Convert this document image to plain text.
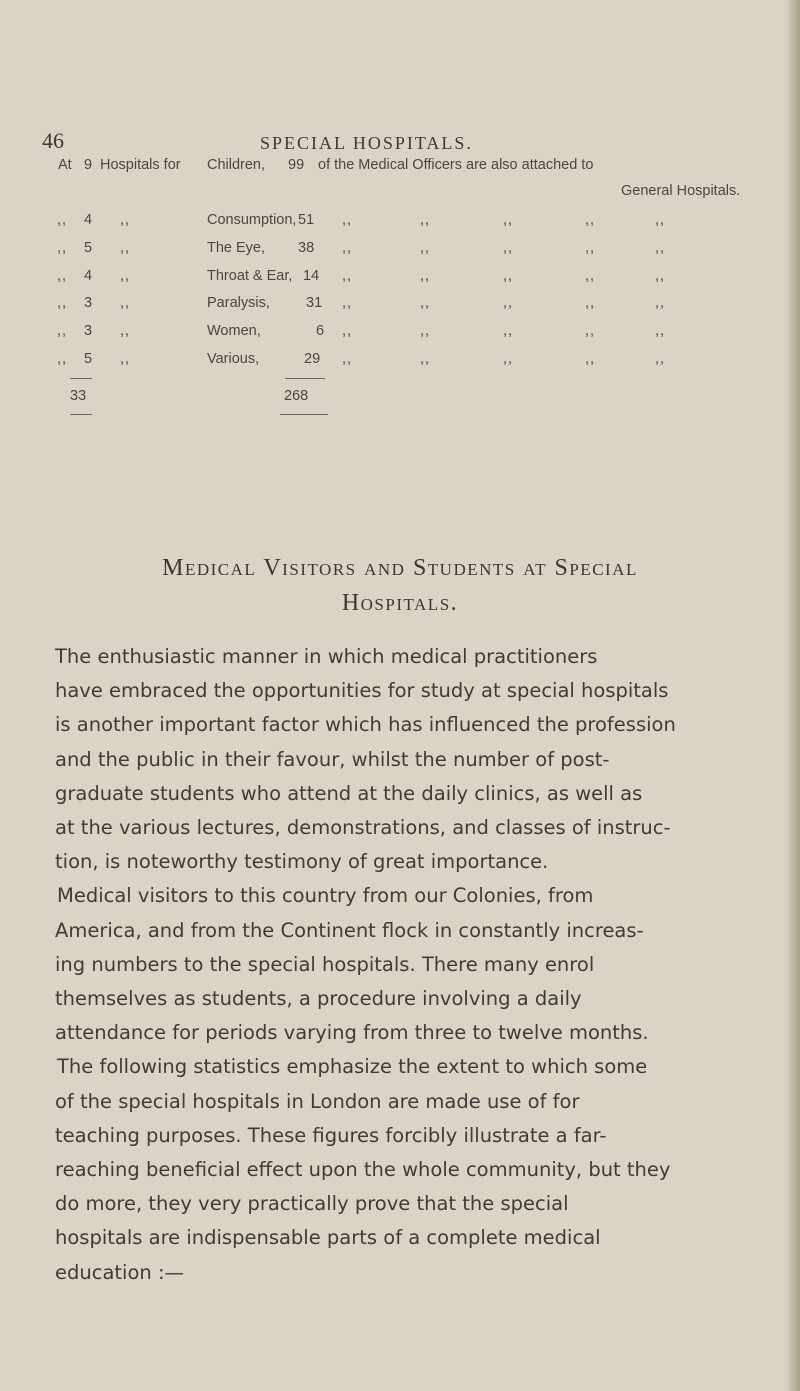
46	SPECIAL HOSPITALS.
At 9 Hospitals for Children, 99 of the Medical Officers are also attached to
General Hospitals.
,, 4 ,,	Consumption, 51 ,,	,,	,,	,,	,,
,, 5 ,,	The Eye, 38 ,,	,,	,,	,,	,,
,, 4 ,,	Throat & Ear, 14 ,,	,,	,,	,,	,,
,, 3 ,,	Paralysis, 31 ,,	,,	,,	,,	,,
,, 3 ,,	Women,	6 ,,	,,	,,	,,	,,
,, 5 ,,	Various,	29 ,,	,,	,,	,,	,,
33	268
Medical Visitors and Students at Special
Hospitals.

The enthusiastic manner in which medical practitioners

have embraced the opportunities for study at special hospitals

is another important factor which has influenced the profession

and the public in their favour, whilst the number of post-

graduate students who attend at the daily clinics, as well as

at the various lectures, demonstrations, and classes of instruc-

tion, is noteworthy testimony of great importance.

Medical visitors to this country from our Colonies, from

America, and from the Continent flock in constantly increas-

ing numbers to the special hospitals. There many enrol

themselves as students, a procedure involving a daily

attendance for periods varying from three to twelve months.

The following statistics emphasize the extent to which some

of the special hospitals in London are made use of for

teaching purposes. These figures forcibly illustrate a far-

reaching beneficial effect upon the whole community, but they

do more, they very practically prove that the special

hospitals are indispensable parts of a complete medical

education :—
